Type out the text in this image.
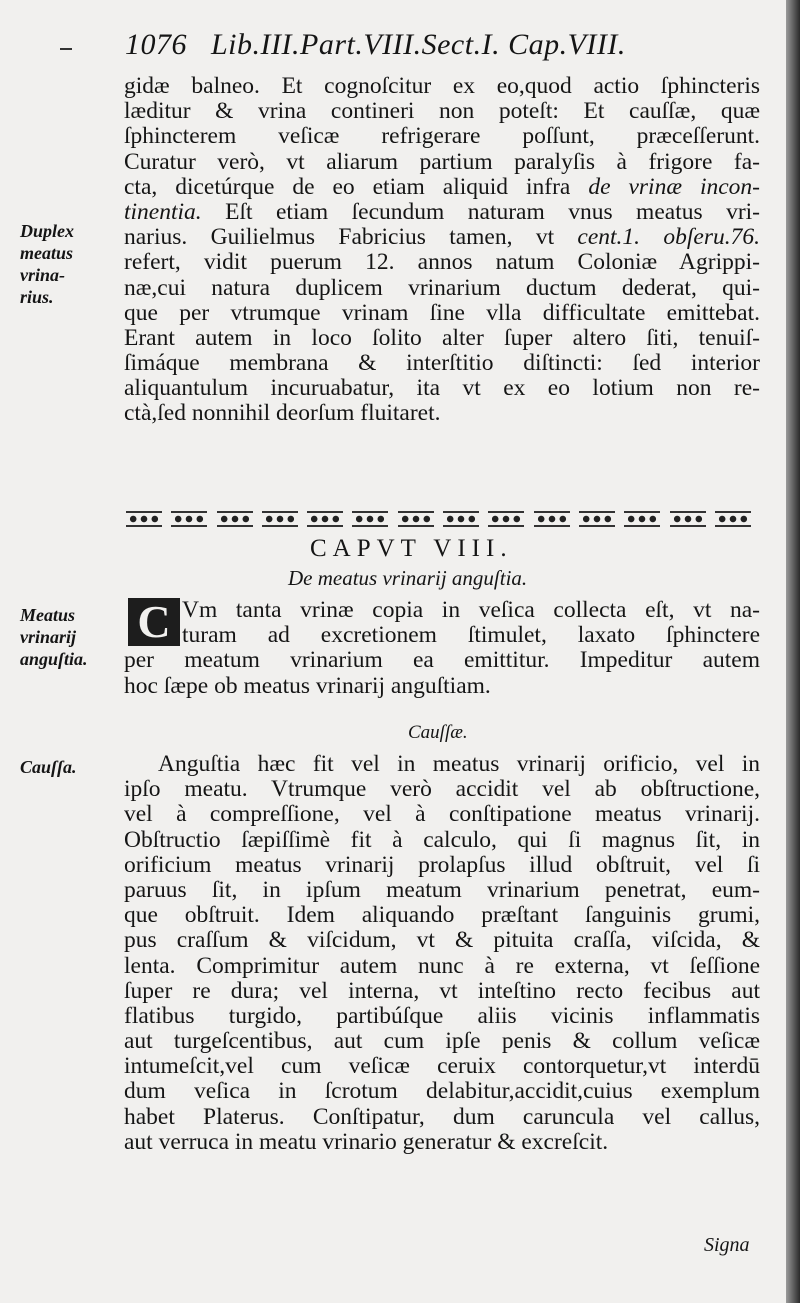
1076 Lib.III.Part.VIII.Sect.I. Cap.VIII.
gidæ balneo. Et cognoſcitur ex eo,quod actio ſphincteris
læditur & vrina contineri non poteſt: Et cauſſæ, quæ
ſphincterem veſicæ refrigerare poſſunt, præceſſerunt.
Curatur verò, vt aliarum partium paralyſis à frigore fa-
cta, dicetúrque de eo etiam aliquid infra de vrinæ incon-
tinentia. Eſt etiam ſecundum naturam vnus meatus vri-
narius. Guilielmus Fabricius tamen, vt cent.1. obſeru.76.
refert, vidit puerum 12. annos natum Coloniæ Agrippi-
næ,cui natura duplicem vrinarium ductum dederat, qui-
que per vtrumque vrinam ſine vlla difficultate emittebat.
Erant autem in loco ſolito alter ſuper altero ſiti, tenuiſ-
ſimáque membrana & interſtitio diſtincti: ſed interior
aliquantulum incuruabatur, ita vt ex eo lotium non re-
ctà,ſed nonnihil deorſum fluitaret.
Duplex
meatus
vrina-
rius.
CAPVT VIII.
De meatus vrinarij anguſtia.
Meatus
vrinarij
anguſtia.
C Vm tanta vrinæ copia in veſica collecta eſt, vt na-
turam ad excretionem ſtimulet, laxato ſphinctere
per meatum vrinarium ea emittitur. Impeditur autem
hoc ſæpe ob meatus vrinarij anguſtiam.
Cauſſæ.
Cauſſa.	Anguſtia hæc fit vel in meatus vrinarij orificio, vel in
ipſo meatu. Vtrumque verò accidit vel ab obſtructione,
vel à compreſſione, vel à conſtipatione meatus vrinarij.
Obſtructio ſæpiſſimè fit à calculo, qui ſi magnus ſit, in
orificium meatus vrinarij prolapſus illud obſtruit, vel ſi
paruus ſit, in ipſum meatum vrinarium penetrat, eum-
que obſtruit. Idem aliquando præſtant ſanguinis grumi,
pus craſſum & viſcidum, vt & pituita craſſa, viſcida, &
lenta. Comprimitur autem nunc à re externa, vt ſeſſione
ſuper re dura; vel interna, vt inteſtino recto fecibus aut
flatibus turgido, partibúſque aliis vicinis inflammatis
aut turgeſcentibus, aut cum ipſe penis & collum veſicæ
intumeſcit,vel cum veſicæ ceruix contorquetur,vt interdū
dum veſica in ſcrotum delabitur,accidit,cuius exemplum
habet Platerus. Conſtipatur, dum caruncula vel callus,
aut verruca in meatu vrinario generatur & excreſcit.
Signa
